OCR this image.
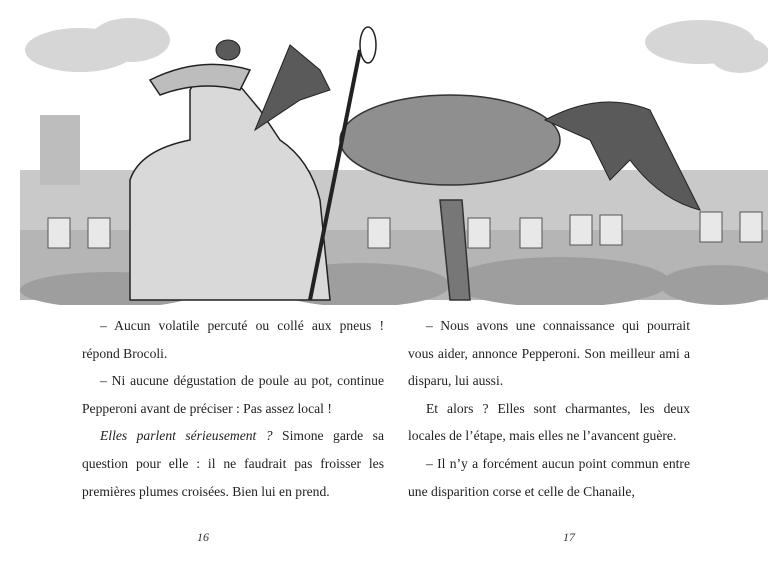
– Aucun volatile percuté ou collé aux pneus ! répond Brocoli.

– Ni aucune dégustation de poule au pot, continue Pepperoni avant de préciser : Pas assez local !

Elles parlent sérieusement ? Simone garde sa question pour elle : il ne faudrait pas froisser les premières plumes croisées. Bien lui en prend.

– Nous avons une connaissance qui pourrait vous aider, annonce Pepperoni. Son meilleur ami a disparu, lui aussi.

Et alors ? Elles sont charmantes, les deux locales de l’étape, mais elles ne l’avancent guère.

– Il n’y a forcément aucun point commun entre une disparition corse et celle de Chanaile,

16	17
